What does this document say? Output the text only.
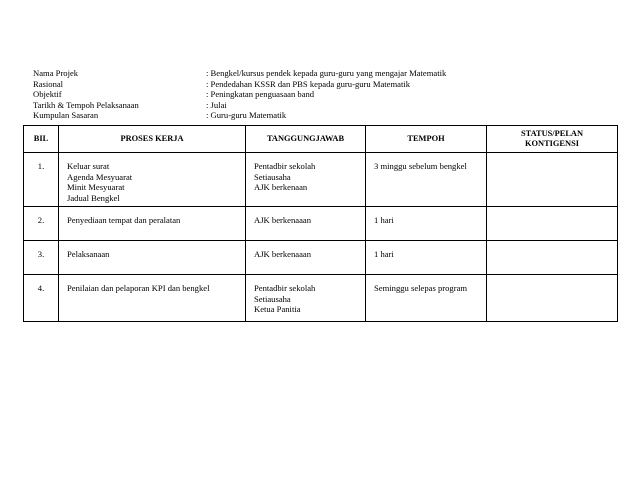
Nama Projek	: Bengkel/kursus pendek kepada guru-guru yang mengajar Matematik
Rasional	: Pendedahan KSSR dan PBS kepada guru-guru Matematik
Objektif	: Peningkatan penguasaan band
Tarikh & Tempoh Pelaksanaan	: Julai
Kumpulan Sasaran	: Guru-guru Matematik
BIL	PROSES KERJA	TANGGUNGJAWAB	TEMPOH	STATUS/PELAN
KONTIGENSI

1.	Keluar surat
Agenda Mesyuarat
Minit Mesyuarat
Jadual Bengkel	Pentadbir sekolah
Setiausaha
AJK berkenaan	3 minggu sebelum bengkel	

2.	Penyediaan tempat dan peralatan	AJK berkenaaan	1 hari	

3.	Pelaksanaan	AJK berkenaaan	1 hari	

4.	Penilaian dan pelaporan KPI dan bengkel	Pentadbir sekolah
Setiausaha
Ketua Panitia	Seminggu selepas program	
